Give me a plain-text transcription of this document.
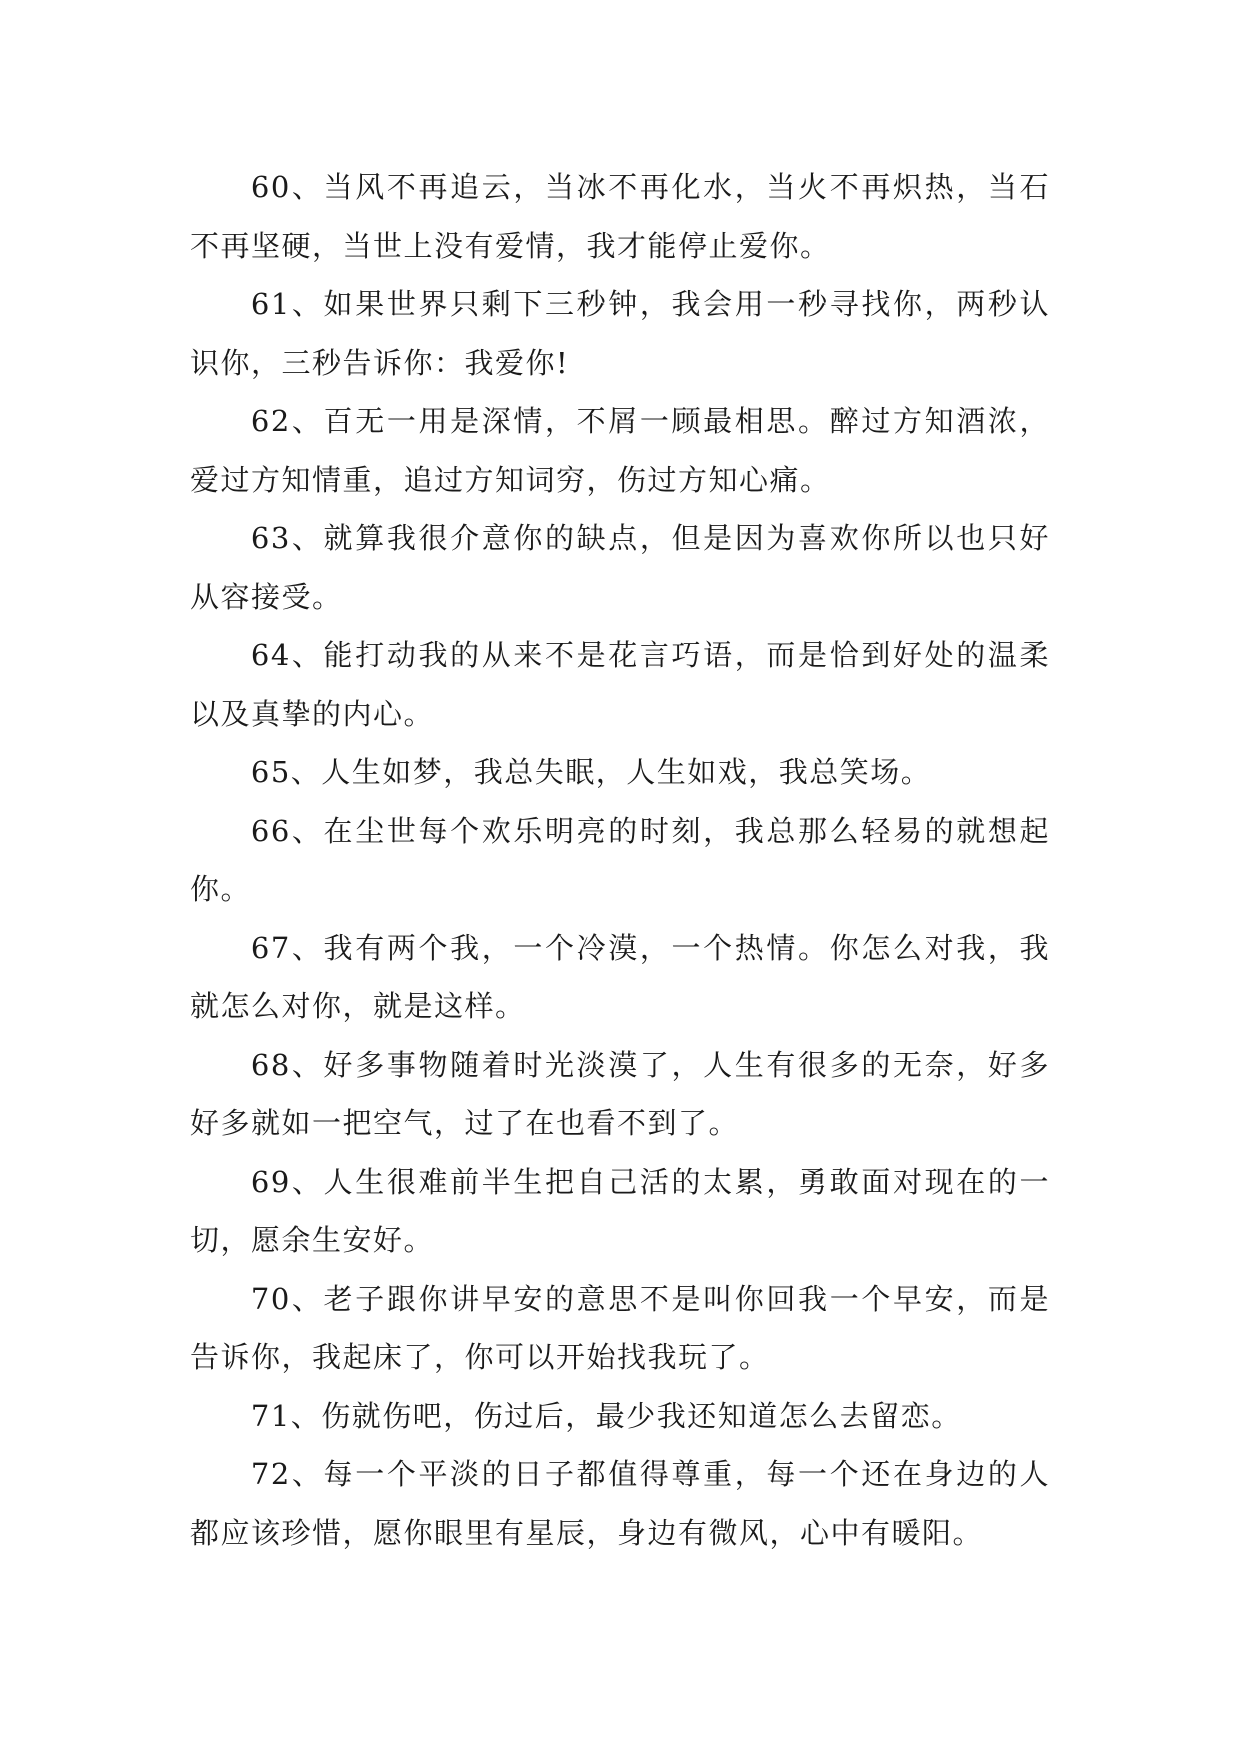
60、当风不再追云，当冰不再化水，当火不再炽热，当石不再坚硬，当世上没有爱情，我才能停止爱你。

61、如果世界只剩下三秒钟，我会用一秒寻找你，两秒认识你，三秒告诉你：我爱你!

62、百无一用是深情，不屑一顾最相思。醉过方知酒浓，爱过方知情重，追过方知词穷，伤过方知心痛。

63、就算我很介意你的缺点，但是因为喜欢你所以也只好从容接受。

64、能打动我的从来不是花言巧语，而是恰到好处的温柔以及真挚的内心。

65、人生如梦，我总失眠，人生如戏，我总笑场。

66、在尘世每个欢乐明亮的时刻，我总那么轻易的就想起你。

67、我有两个我，一个冷漠，一个热情。你怎么对我，我就怎么对你，就是这样。

68、好多事物随着时光淡漠了，人生有很多的无奈，好多好多就如一把空气，过了在也看不到了。

69、人生很难前半生把自己活的太累，勇敢面对现在的一切，愿余生安好。

70、老子跟你讲早安的意思不是叫你回我一个早安，而是告诉你，我起床了，你可以开始找我玩了。

71、伤就伤吧，伤过后，最少我还知道怎么去留恋。

72、每一个平淡的日子都值得尊重，每一个还在身边的人都应该珍惜，愿你眼里有星辰，身边有微风，心中有暖阳。
